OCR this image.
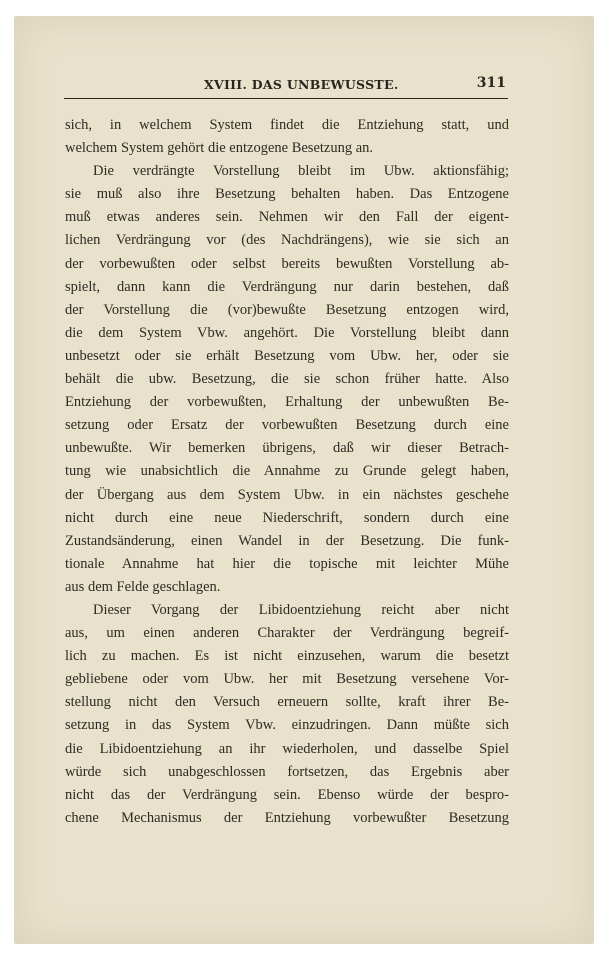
XVIII. DAS UNBEWUSSTE.	311
sich, in welchem System findet die Entziehung statt, und
welchem System gehört die entzogene Besetzung an.
Die verdrängte Vorstellung bleibt im Ubw. aktionsfähig;
sie muß also ihre Besetzung behalten haben. Das Entzogene
muß etwas anderes sein. Nehmen wir den Fall der eigent-
lichen Verdrängung vor (des Nachdrängens), wie sie sich an
der vorbewußten oder selbst bereits bewußten Vorstellung ab-
spielt, dann kann die Verdrängung nur darin bestehen, daß
der Vorstellung die (vor)bewußte Besetzung entzogen wird,
die dem System Vbw. angehört. Die Vorstellung bleibt dann
unbesetzt oder sie erhält Besetzung vom Ubw. her, oder sie
behält die ubw. Besetzung, die sie schon früher hatte. Also
Entziehung der vorbewußten, Erhaltung der unbewußten Be-
setzung oder Ersatz der vorbewußten Besetzung durch eine
unbewußte. Wir bemerken übrigens, daß wir dieser Betrach-
tung wie unabsichtlich die Annahme zu Grunde gelegt haben,
der Übergang aus dem System Ubw. in ein nächstes geschehe
nicht durch eine neue Niederschrift, sondern durch eine
Zustandsänderung, einen Wandel in der Besetzung. Die funk-
tionale Annahme hat hier die topische mit leichter Mühe
aus dem Felde geschlagen.
Dieser Vorgang der Libidoentziehung reicht aber nicht
aus, um einen anderen Charakter der Verdrängung begreif-
lich zu machen. Es ist nicht einzusehen, warum die besetzt
gebliebene oder vom Ubw. her mit Besetzung versehene Vor-
stellung nicht den Versuch erneuern sollte, kraft ihrer Be-
setzung in das System Vbw. einzudringen. Dann müßte sich
die Libidoentziehung an ihr wiederholen, und dasselbe Spiel
würde sich unabgeschlossen fortsetzen, das Ergebnis aber
nicht das der Verdrängung sein. Ebenso würde der bespro-
chene Mechanismus der Entziehung vorbewußter Besetzung
